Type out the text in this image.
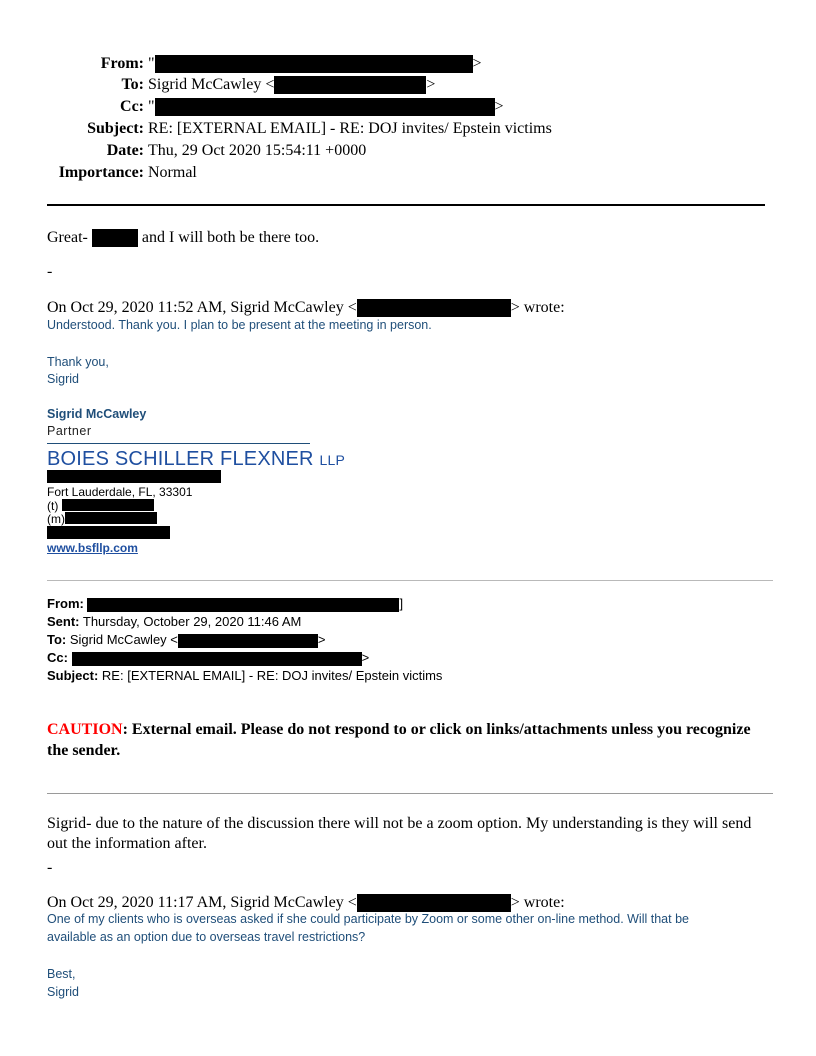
From: "	>
To: Sigrid McCawley <	>
Cc: "	>
Subject: RE: [EXTERNAL EMAIL] - RE: DOJ invites/ Epstein victims
Date: Thu, 29 Oct 2020 15:54:11 +0000
Importance: Normal
Great-	and I will both be there too.
-
On Oct 29, 2020 11:52 AM, Sigrid McCawley <	> wrote:
Understood. Thank you. I plan to be present at the meeting in person.
Thank you,
Sigrid
Sigrid McCawley
Partner
BOIES SCHILLER FLEXNER LLP
Fort Lauderdale, FL, 33301
(t)
(m)
www.bsfllp.com
From:	]
Sent: Thursday, October 29, 2020 11:46 AM
To: Sigrid McCawley <	>
Cc:	>
Subject: RE: [EXTERNAL EMAIL] - RE: DOJ invites/ Epstein victims
CAUTION: External email. Please do not respond to or click on links/attachments unless you recognize
the sender.
Sigrid- due to the nature of the discussion there will not be a zoom option. My understanding is they will send
out the information after.
-
On Oct 29, 2020 11:17 AM, Sigrid McCawley <	> wrote:
One of my clients who is overseas asked if she could participate by Zoom or some other on-line method. Will that be
available as an option due to overseas travel restrictions?
Best,
Sigrid
